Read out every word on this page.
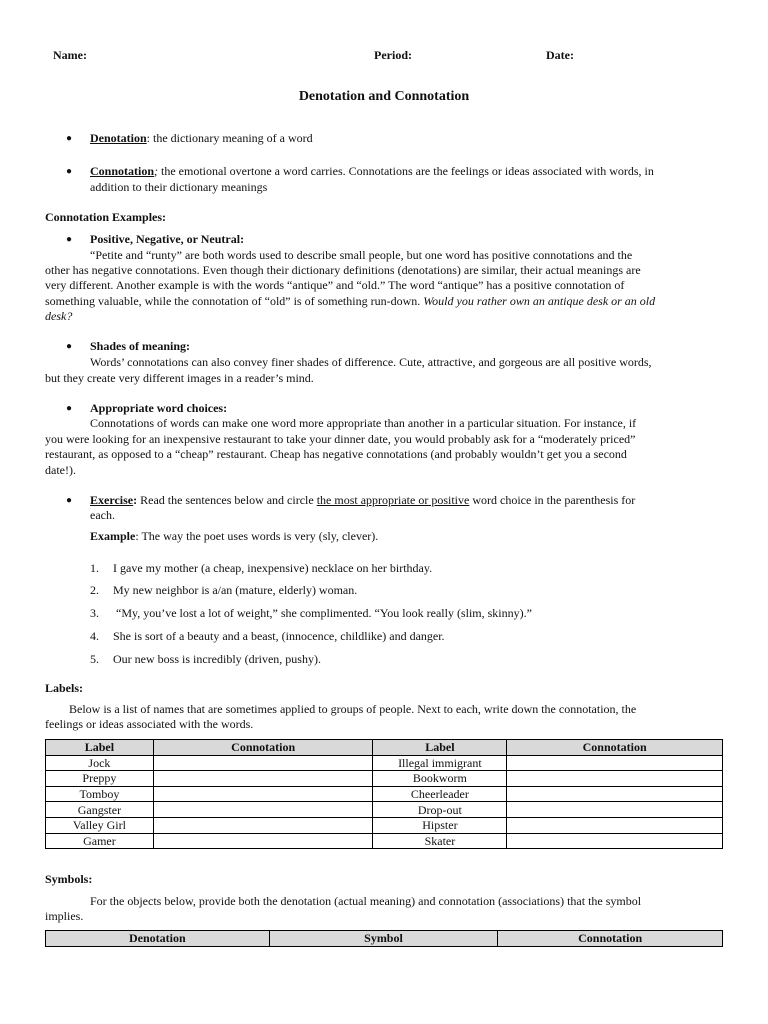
Name:	Period:	Date:
Denotation and Connotation
● Denotation: the dictionary meaning of a word
● Connotation; the emotional overtone a word carries. Connotations are the feelings or ideas associated with words, in
addition to their dictionary meanings
Connotation Examples:
● Positive, Negative, or Neutral:
“Petite and “runty” are both words used to describe small people, but one word has positive connotations and the
other has negative connotations. Even though their dictionary definitions (denotations) are similar, their actual meanings are
very different. Another example is with the words “antique” and “old.” The word “antique” has a positive connotation of
something valuable, while the connotation of “old” is of something run-down. Would you rather own an antique desk or an old
desk?
● Shades of meaning:
Words’ connotations can also convey finer shades of difference. Cute, attractive, and gorgeous are all positive words,
but they create very different images in a reader’s mind.
● Appropriate word choices:
Connotations of words can make one word more appropriate than another in a particular situation. For instance, if
you were looking for an inexpensive restaurant to take your dinner date, you would probably ask for a “moderately priced”
restaurant, as opposed to a “cheap” restaurant. Cheap has negative connotations (and probably wouldn’t get you a second
date!).
● Exercise: Read the sentences below and circle the most appropriate or positive word choice in the parenthesis for
each.
Example: The way the poet uses words is very (sly, clever).
1. I gave my mother (a cheap, inexpensive) necklace on her birthday.
2. My new neighbor is a/an (mature, elderly) woman.
3. “My, you’ve lost a lot of weight,” she complimented. “You look really (slim, skinny).”
4. She is sort of a beauty and a beast, (innocence, childlike) and danger.
5. Our new boss is incredibly (driven, pushy).
Labels:
Below is a list of names that are sometimes applied to groups of people. Next to each, write down the connotation, the
feelings or ideas associated with the words.
Label	Connotation	Label	Connotation
Jock		Illegal immigrant	
Preppy		Bookworm	
Tomboy		Cheerleader	
Gangster		Drop-out	
Valley Girl		Hipster	
Gamer		Skater	
Symbols:
For the objects below, provide both the denotation (actual meaning) and connotation (associations) that the symbol
implies.
Denotation	Symbol	Connotation
